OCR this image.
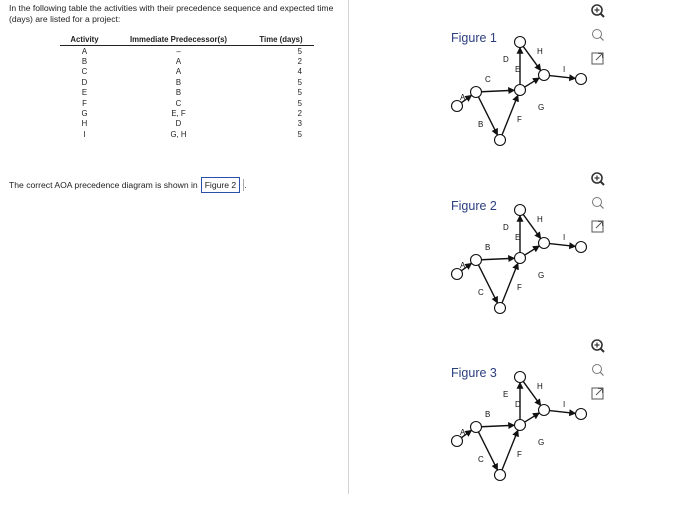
In the following table the activities with their precedence sequence and expected time (days) are listed for a project:
Activity	Immediate Predecessor(s)	Time (days)
A	–	5
B	A	2
C	A	4
D	B	5
E	B	5
F	C	5
G	E, F	2
H	D	3
I	G, H	5
The correct AOA precedence diagram is shown in Figure 2 .
Figure 1
A
C
B
D
E
F
H
I
G
Figure 2
A
B
C
D
E
F
H
I
G
Figure 3
A
B
C
E
D
F
H
I
G
